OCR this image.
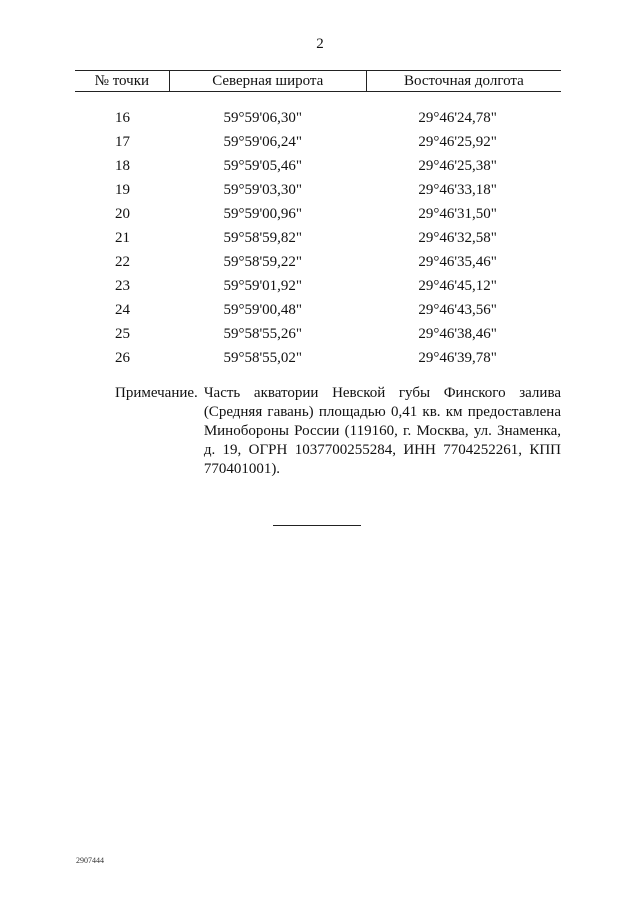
2
№ точки	Северная широта	Восточная долгота

16	59°59'06,30"	29°46'24,78"
17	59°59'06,24"	29°46'25,92"
18	59°59'05,46"	29°46'25,38"
19	59°59'03,30"	29°46'33,18"
20	59°59'00,96"	29°46'31,50"
21	59°58'59,82"	29°46'32,58"
22	59°58'59,22"	29°46'35,46"
23	59°59'01,92"	29°46'45,12"
24	59°59'00,48"	29°46'43,56"
25	59°58'55,26"	29°46'38,46"
26	59°58'55,02"	29°46'39,78"
Примечание. Часть акватории Невской губы Финского залива (Средняя гавань) площадью 0,41 кв. км предоставлена Минобороны России (119160, г. Москва, ул. Знаменка, д. 19, ОГРН 1037700255284, ИНН 7704252261, КПП 770401001).
2907444
